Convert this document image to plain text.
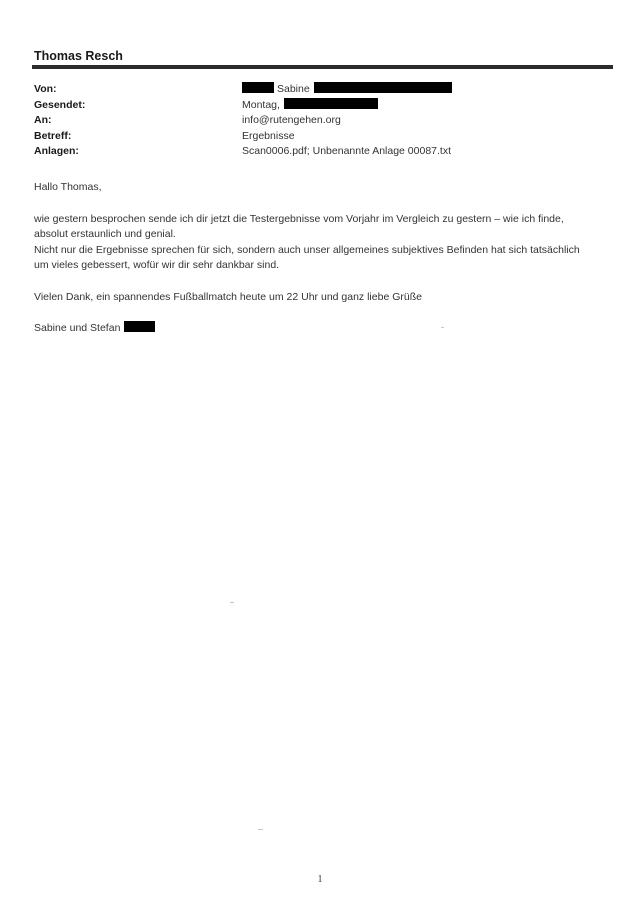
Thomas Resch
Von:	Sabine
Gesendet:	Montag,
An:	info@rutengehen.org
Betreff:	Ergebnisse
Anlagen:	Scan0006.pdf; Unbenannte Anlage 00087.txt

Hallo Thomas,

wie gestern besprochen sende ich dir jetzt die Testergebnisse vom Vorjahr im Vergleich zu gestern – wie ich finde,

absolut erstaunlich und genial.

Nicht nur die Ergebnisse sprechen für sich, sondern auch unser allgemeines subjektives Befinden hat sich tatsächlich

um vieles gebessert, wofür wir dir sehr dankbar sind.

Vielen Dank, ein spannendes Fußballmatch heute um 22 Uhr und ganz liebe Grüße

Sabine und Stefan

1
